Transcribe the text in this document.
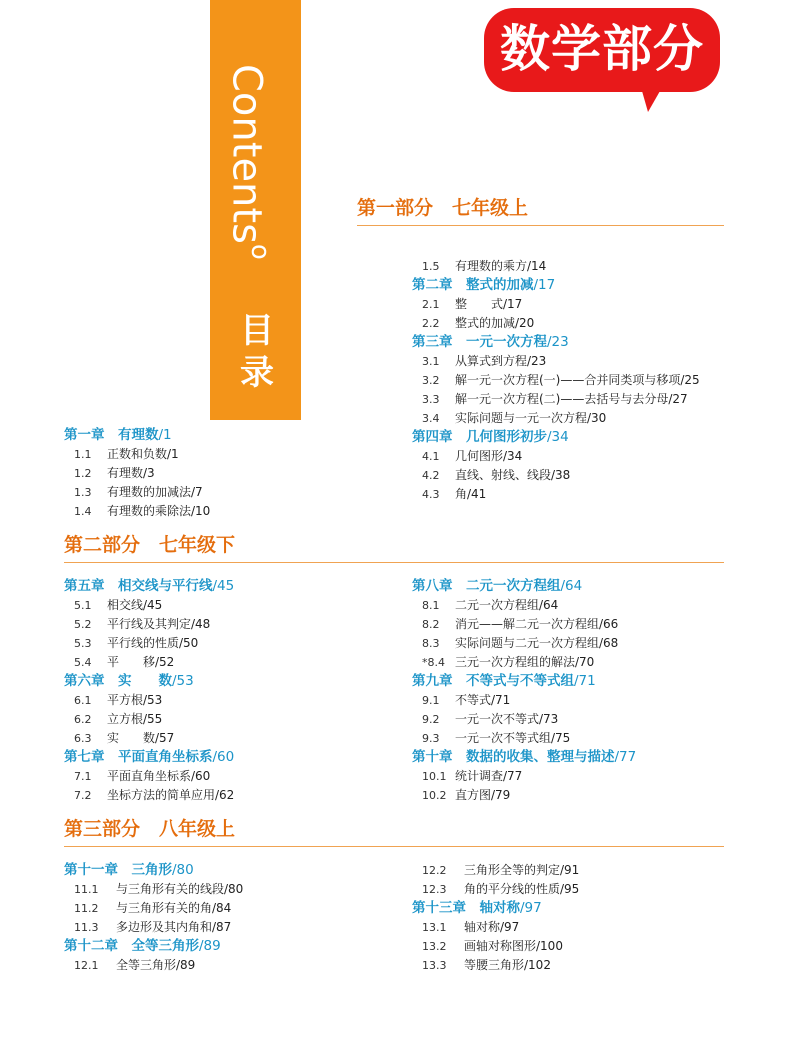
Contents$^o$
目录
数学部分
第一部分　七年级上
1.5 有理数的乘方/14
第二章　整式的加减/17
2.1 整　　式/17
2.2 整式的加减/20
第三章　一元一次方程/23
3.1 从算式到方程/23
3.2 解一元一次方程(一)——合并同类项与移项/25
3.3 解一元一次方程(二)——去括号与去分母/27
3.4 实际问题与一元一次方程/30
第四章　几何图形初步/34
4.1 几何图形/34
4.2 直线、射线、线段/38
4.3 角/41
第一章　有理数/1
1.1 正数和负数/1
1.2 有理数/3
1.3 有理数的加减法/7
1.4 有理数的乘除法/10
第二部分　七年级下
第五章　相交线与平行线/45
5.1 相交线/45
5.2 平行线及其判定/48
5.3 平行线的性质/50
5.4 平　　移/52
第六章　实　　数/53
6.1 平方根/53
6.2 立方根/55
6.3 实　　数/57
第七章　平面直角坐标系/60
7.1 平面直角坐标系/60
7.2 坐标方法的简单应用/62
第八章　二元一次方程组/64
8.1 二元一次方程组/64
8.2 消元——解二元一次方程组/66
8.3 实际问题与二元一次方程组/68
*8.4 三元一次方程组的解法/70
第九章　不等式与不等式组/71
9.1 不等式/71
9.2 一元一次不等式/73
9.3 一元一次不等式组/75
第十章　数据的收集、整理与描述/77
10.1 统计调查/77
10.2 直方图/79
第三部分　八年级上
第十一章　三角形/80
11.1 与三角形有关的线段/80
11.2 与三角形有关的角/84
11.3 多边形及其内角和/87
第十二章　全等三角形/89
12.1 全等三角形/89
12.2 三角形全等的判定/91
12.3 角的平分线的性质/95
第十三章　轴对称/97
13.1 轴对称/97
13.2 画轴对称图形/100
13.3 等腰三角形/102
